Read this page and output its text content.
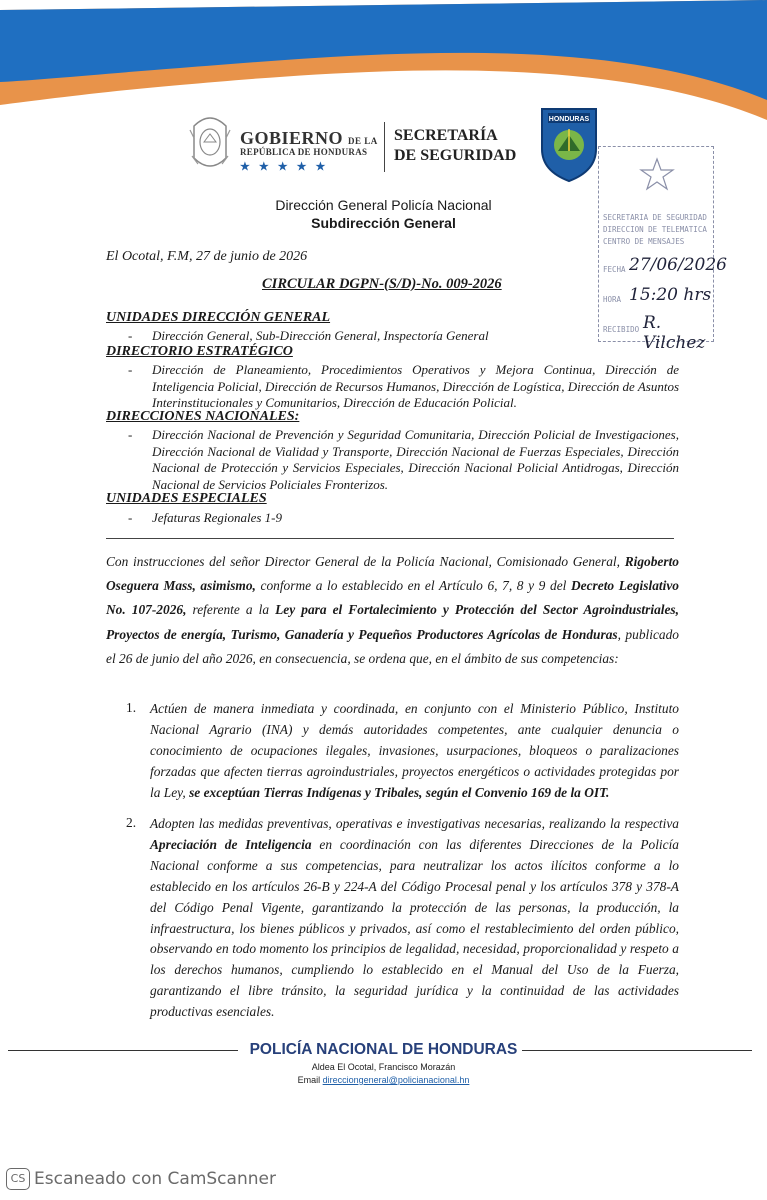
GOBIERNO DE LA
REPÚBLICA DE HONDURAS
★★★★★
SECRETARÍA
DE SEGURIDAD
HONDURAS
SECRETARIA DE SEGURIDAD
DIRECCION DE TELEMATICA
CENTRO DE MENSAJES
FECHA 27/06/2026
HORA 15:20 hrs
RECIBIDO R. Vilchez
Dirección General Policía Nacional
Subdirección General
El Ocotal, F.M, 27 de junio de 2026
CIRCULAR DGPN-(S/D)-No. 009-2026
UNIDADES DIRECCIÓN GENERAL
- Dirección General, Sub-Dirección General, Inspectoría General
DIRECTORIO ESTRATÉGICO
- Dirección de Planeamiento, Procedimientos Operativos y Mejora Continua, Dirección de Inteligencia Policial, Dirección de Recursos Humanos, Dirección de Logística, Dirección de Asuntos Interinstitucionales y Comunitarios, Dirección de Educación Policial.
DIRECCIONES NACIONALES:
- Dirección Nacional de Prevención y Seguridad Comunitaria, Dirección Policial de Investigaciones, Dirección Nacional de Vialidad y Transporte, Dirección Nacional de Fuerzas Especiales, Dirección Nacional de Protección y Servicios Especiales, Dirección Nacional Policial Antidrogas, Dirección Nacional de Servicios Policiales Fronterizos.
UNIDADES ESPECIALES
- Jefaturas Regionales 1-9
Con instrucciones del señor Director General de la Policía Nacional, Comisionado General, Rigoberto Oseguera Mass, asimismo, conforme a lo establecido en el Artículo 6, 7, 8 y 9 del Decreto Legislativo No. 107-2026, referente a la Ley para el Fortalecimiento y Protección del Sector Agroindustriales, Proyectos de energía, Turismo, Ganadería y Pequeños Productores Agrícolas de Honduras, publicado el 26 de junio del año 2026, en consecuencia, se ordena que, en el ámbito de sus competencias:
1. Actúen de manera inmediata y coordinada, en conjunto con el Ministerio Público, Instituto Nacional Agrario (INA) y demás autoridades competentes, ante cualquier denuncia o conocimiento de ocupaciones ilegales, invasiones, usurpaciones, bloqueos o paralizaciones forzadas que afecten tierras agroindustriales, proyectos energéticos o actividades protegidas por la Ley, se exceptúan Tierras Indígenas y Tribales, según el Convenio 169 de la OIT.
2. Adopten las medidas preventivas, operativas e investigativas necesarias, realizando la respectiva Apreciación de Inteligencia en coordinación con las diferentes Direcciones de la Policía Nacional conforme a sus competencias, para neutralizar los actos ilícitos conforme a lo establecido en los artículos 26-B y 224-A del Código Procesal penal y los artículos 378 y 378-A del Código Penal Vigente, garantizando la protección de las personas, la producción, la infraestructura, los bienes públicos y privados, así como el restablecimiento del orden público, observando en todo momento los principios de legalidad, necesidad, proporcionalidad y respeto a los derechos humanos, cumpliendo lo establecido en el Manual del Uso de la Fuerza, garantizando el libre tránsito, la seguridad jurídica y la continuidad de las actividades productivas esenciales.
POLICÍA NACIONAL DE HONDURAS
Aldea El Ocotal, Francisco Morazán
Email direcciongeneral@policianacional.hn
CS Escaneado con CamScanner
